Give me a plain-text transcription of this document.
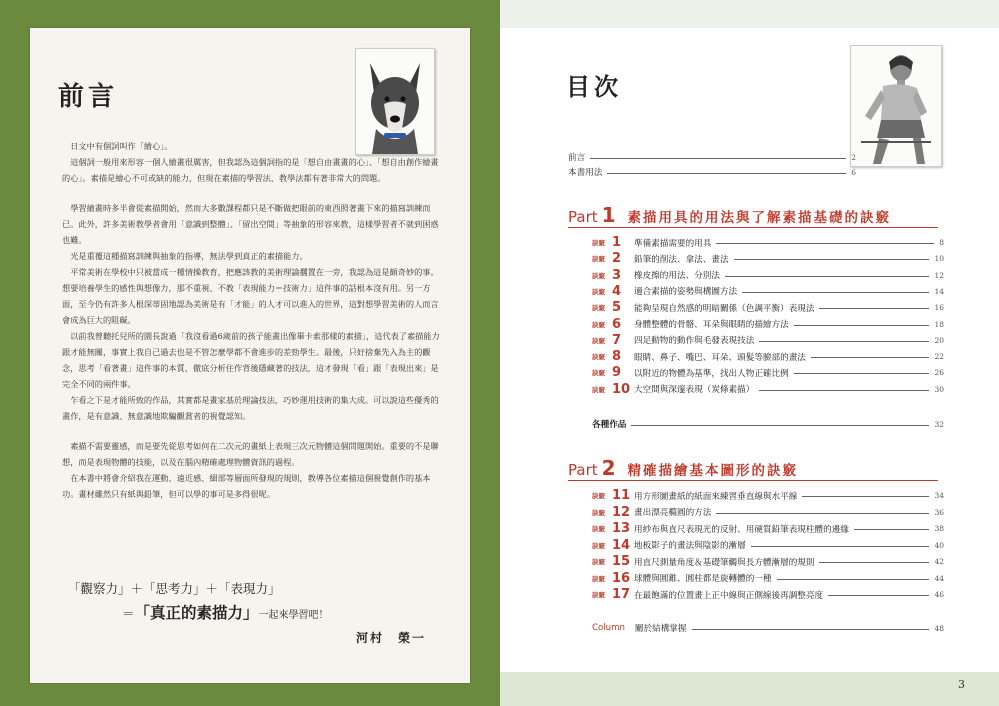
前言

日文中有個詞叫作「繪心」。

這個詞一般用來形容一個人繪畫很厲害，但我認為這個詞指的是「想自由畫畫的心」、「想自由創作繪畫的心」。素描是繪心不可或缺的能力，但現在素描的學習法、教學法都有著非常大的問題。

學習繪畫時多半會從素描開始，然而大多數課程都只是不斷做把眼前的東西照著畫下來的描寫訓練而已。此外，許多美術教學者會用「意識到整體」、「留出空間」等抽象的形容來教，這樣學習者不就到困惑也難。

光是重覆這種描寫訓練與抽象的指導，無法學到真正的素描能力。

平常美術在學校中只被當成一種情操教育，把應該教的美術理論擱置在一旁，我認為這是頗奇妙的事。想要培養學生的感性與想像力，那不重視、不教「表現能力＝技術力」這件事的話根本沒有用。另一方面，至今仍有許多人根深蒂固地認為美術是有「才能」的人才可以進入的世界，這對想學習美術的人而言會成為巨大的阻礙。

以前我曾聽托兒所的園長說過「我沒看過6歲前的孩子能畫出像畢卡索那樣的素描」，這代表了素描能力跟才能無關，事實上我自己過去也是不管怎麼學都不會進步的差勁學生。最後，只好捨棄先入為主的觀念，思考「看著畫」這件事的本質，徹底分析住作背後隱藏著的技法，這才發現「看」跟「表現出來」是完全不同的兩件事。

乍看之下是才能所致的作品，其實都是畫家基於理論技法，巧妙運用技術的集大成。可以說這些優秀的畫作，是有意識、無意識地欺騙觀賞者的視覺認知。

素描不需要靈感，而是要先從思考如何在二次元的畫紙上表現三次元物體這個問題開始。重要的不是聯想，而是表現物體的技能，以及在腦內精確處理物體資訊的過程。

在本書中將會介紹我在運動、遠近感、細部等層面所發現的規則，教導各位素描這個視覺創作的基本功。畫材雖然只有紙與鉛筆，但可以學的事可是多得很呢。

「觀察力」＋「思考力」＋「表現力」
＝「真正的素描力」一起來學習吧！
河村　榮一
目次
前言	2
本書用法	6
Part 1 素描用具的用法與了解素描基礎的訣竅
訣竅 1	準備素描需要的用具	8
訣竅 2	鉛筆的削法、拿法、畫法	10
訣竅 3	橡皮擦的用法、分別法	12
訣竅 4	適合素描的姿勢與構圖方法	14
訣竅 5	能夠呈現自然感的明暗關係（色調平衡）表現法	16
訣竅 6	身體整體的骨骼、耳朵與眼睛的描繪方法	18
訣竅 7	四足動物的動作與毛發表現技法	20
訣竅 8	眼睛、鼻子、嘴巴、耳朵、頭髮等臉部的畫法	22
訣竅 9	以附近的物體為基準，找出人物正確比例	26
訣竅 10 大空間與深邃表現（炭條素描）	30
各種作品	32
Part 2 精確描繪基本圖形的訣竅
訣竅 11 用方形圖畫紙的紙面來練習垂直線與水平線	34
訣竅 12 畫出漂亮橢圓的方法	36
訣竅 13 用紗布與直尺表現光的反射、用硬質鉛筆表現柱體的邊緣	38
訣竅 14 地板影子的畫法與陰影的漸層	40
訣竅 15 用直尺測量角度＆基礎筆觸與長方體漸層的規則	42
訣竅 16 球體與圓錐、圓柱都是旋轉體的一種	44
訣竅 17 在最飽滿的位置畫上正中線與正側線後再調整亮度	46
Column 關於結構掌握	48
3
